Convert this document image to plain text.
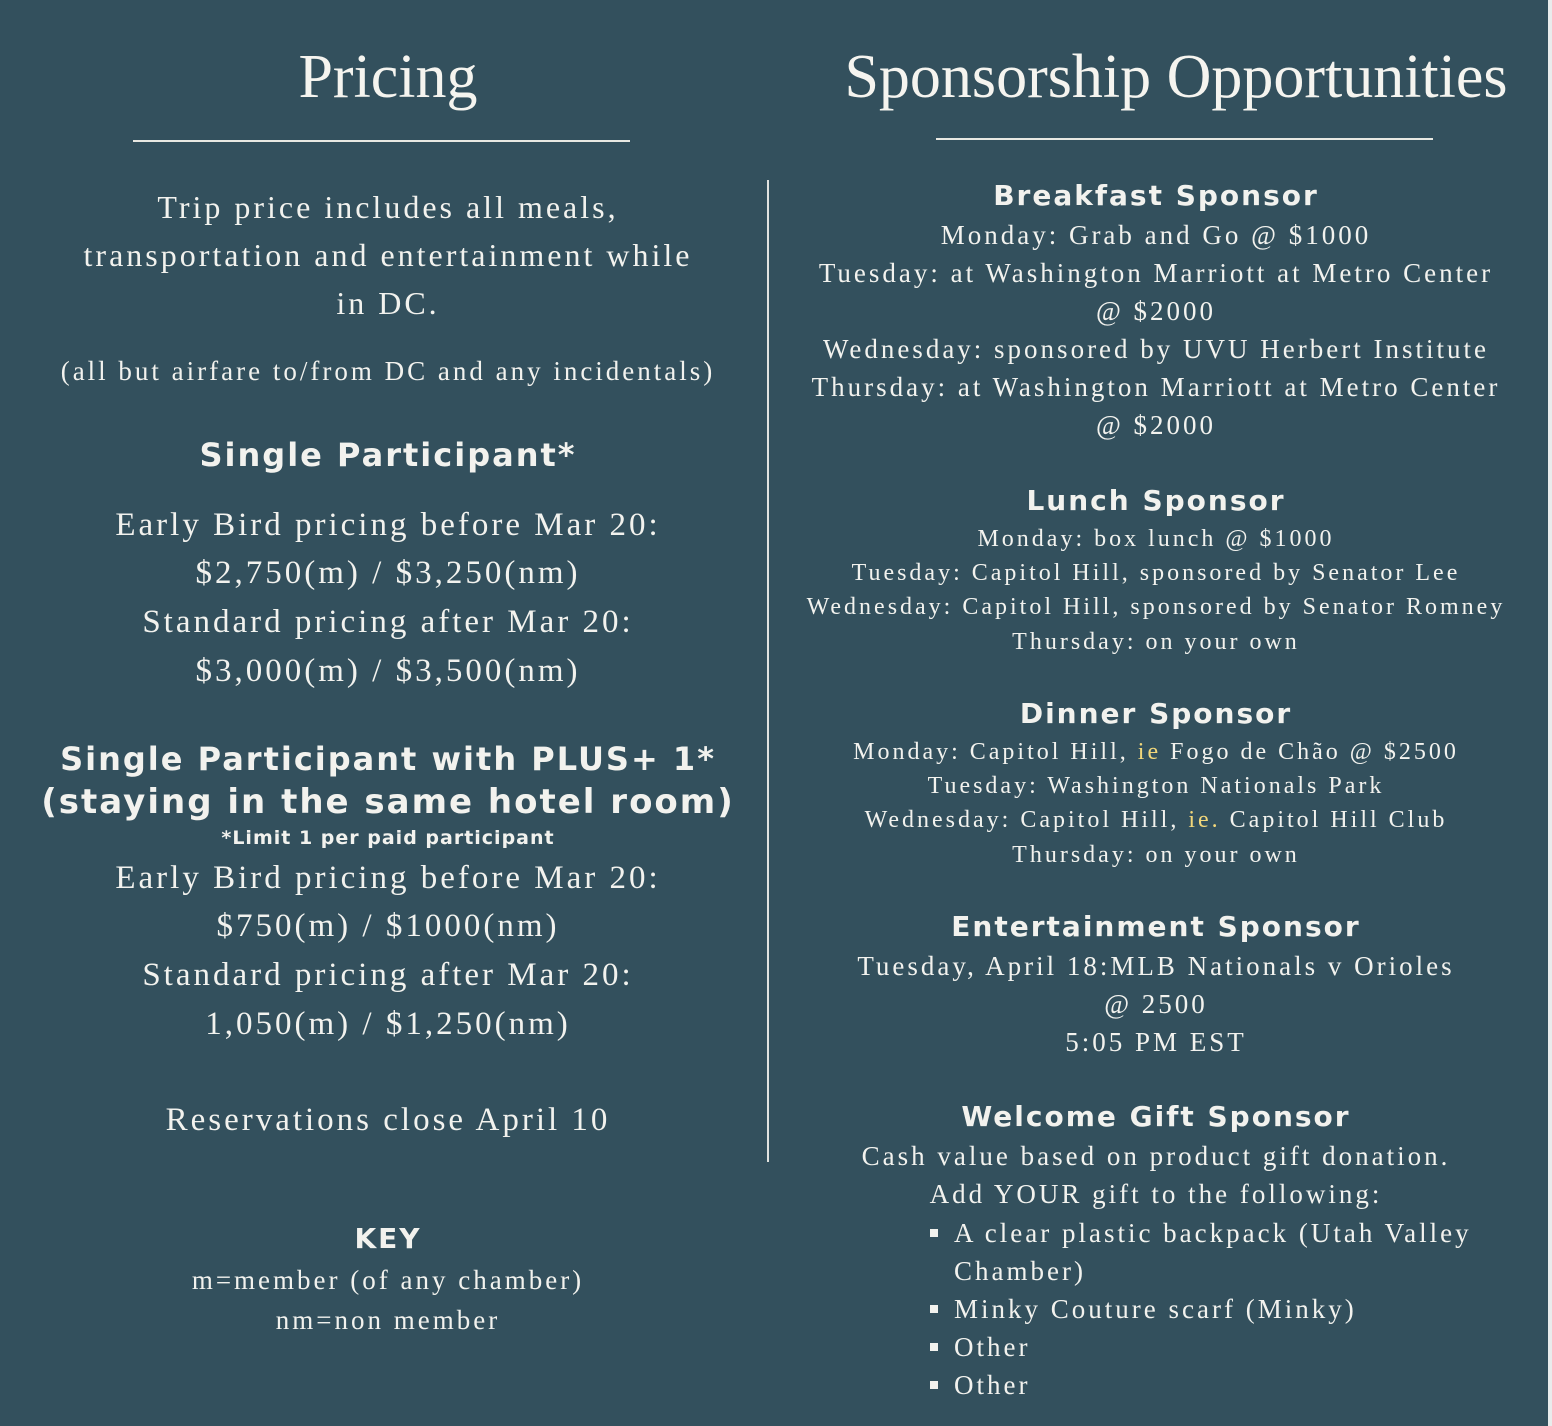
Pricing
Trip price includes all meals,
transportation and entertainment while
in DC.
(all but airfare to/from DC and any incidentals)
Single Participant*
Early Bird pricing before Mar 20:
$2,750(m) / $3,250(nm)
Standard pricing after Mar 20:
$3,000(m) / $3,500(nm)
Single Participant with PLUS+ 1*
(staying in the same hotel room)
*Limit 1 per paid participant
Early Bird pricing before Mar 20:
$750(m) / $1000(nm)
Standard pricing after Mar 20:
1,050(m) / $1,250(nm)
Reservations close April 10
KEY
m=member (of any chamber)
nm=non member
Sponsorship Opportunities
Breakfast Sponsor
Monday: Grab and Go @ $1000
Tuesday: at Washington Marriott at Metro Center
@ $2000
Wednesday: sponsored by UVU Herbert Institute
Thursday: at Washington Marriott at Metro Center
@ $2000
Lunch Sponsor
Monday: box lunch @ $1000
Tuesday: Capitol Hill, sponsored by Senator Lee
Wednesday: Capitol Hill, sponsored by Senator Romney
Thursday: on your own
Dinner Sponsor
Monday: Capitol Hill, ie Fogo de Chão @ $2500
Tuesday: Washington Nationals Park
Wednesday: Capitol Hill, ie. Capitol Hill Club
Thursday: on your own
Entertainment Sponsor
Tuesday, April 18:MLB Nationals v Orioles
@ 2500
5:05 PM EST
Welcome Gift Sponsor
Cash value based on product gift donation.
Add YOUR gift to the following:
A clear plastic backpack (Utah Valley
Chamber)
Minky Couture scarf (Minky)
Other
Other
